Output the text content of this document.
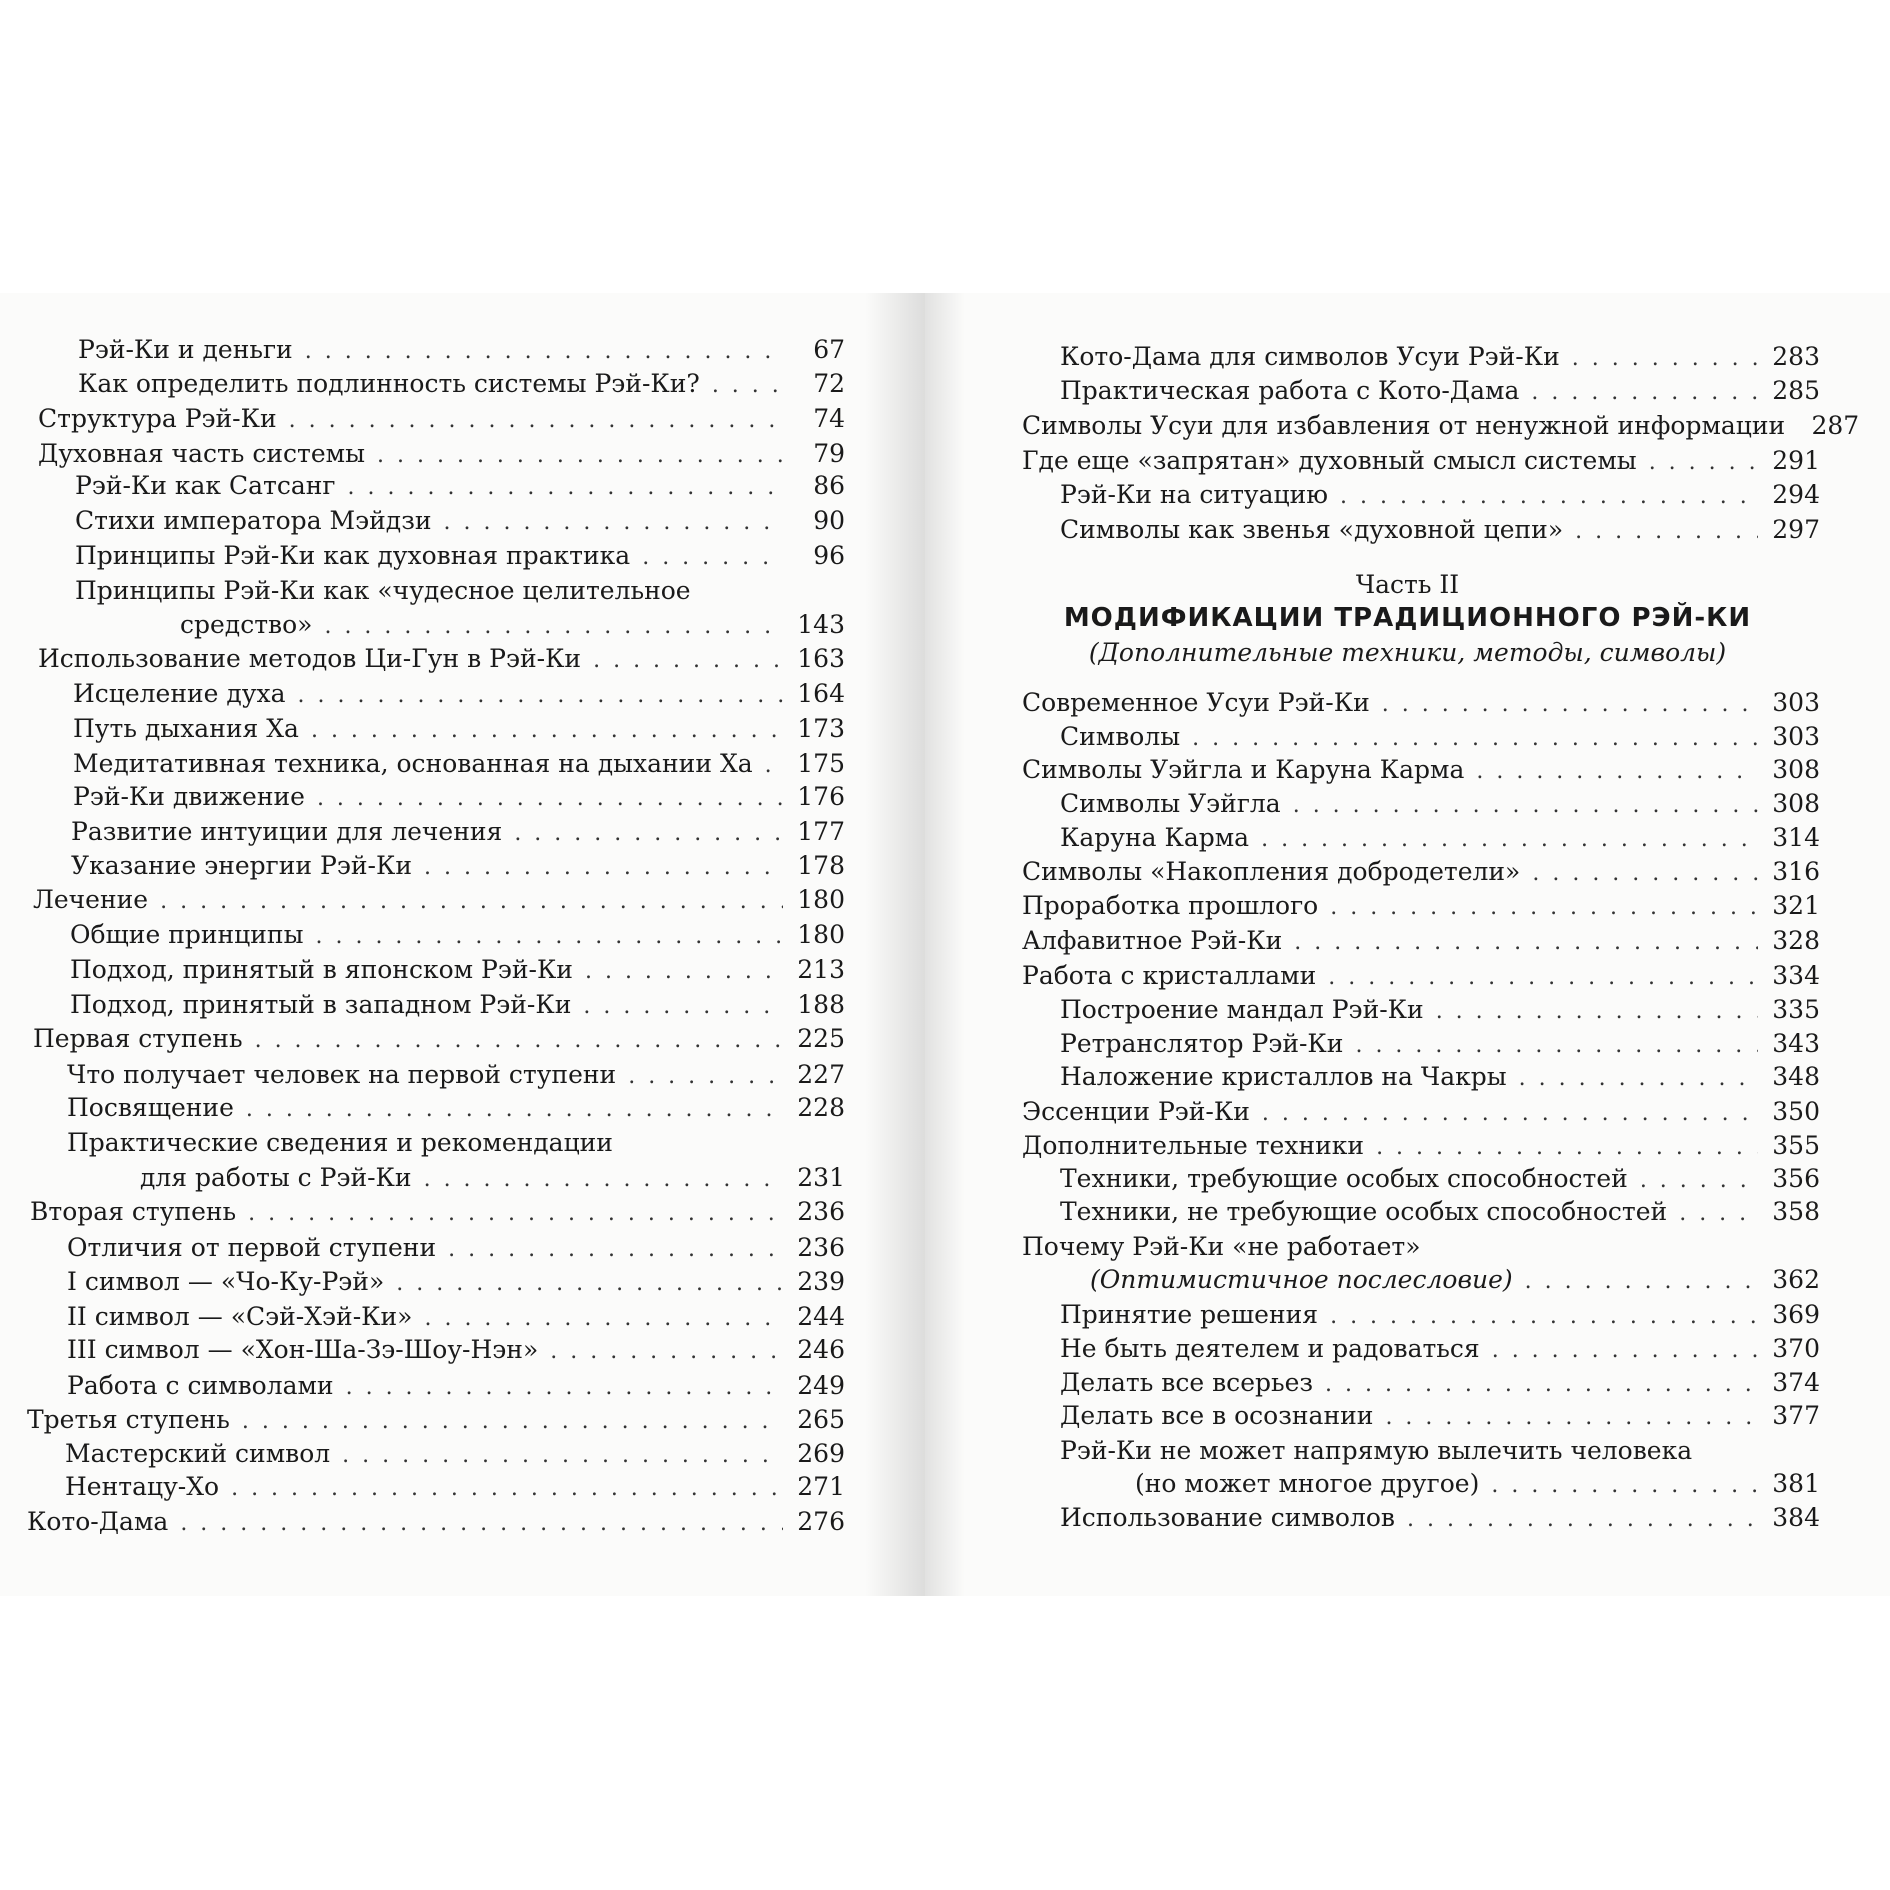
Рэй-Ки и деньги . . .	67
Как определить подлинность системы Рэй-Ки? . . .	72
Структура Рэй-Ки . . .	74
Духовная часть системы . . .	79
Рэй-Ки как Сатсанг . . .	86
Стихи императора Мэйдзи . . .	90
Принципы Рэй-Ки как духовная практика . . .	96
Принципы Рэй-Ки как «чудесное целительное
средство» . . .	143
Использование методов Ци-Гун в Рэй-Ки . . .	163
Исцеление духа . . .	164
Путь дыхания Ха . . .	173
Медитативная техника, основанная на дыхании Ха . . . 175
Рэй-Ки движение . . .	176
Развитие интуиции для лечения . . .	177
Указание энергии Рэй-Ки . . .	178
Лечение . . .	180
Общие принципы . . .	180
Подход, принятый в японском Рэй-Ки . . .	213
Подход, принятый в западном Рэй-Ки . . .	188
Первая ступень . . .	225
Что получает человек на первой ступени . . .	227
Посвящение . . .	228
Практические сведения и рекомендации
для работы с Рэй-Ки . . .	231
Вторая ступень . . .	236
Отличия от первой ступени . . .	236
I символ — «Чо-Ку-Рэй» . . .	239
II символ — «Сэй-Хэй-Ки» . . .	244
III символ — «Хон-Ша-Зэ-Шоу-Нэн» . . .	246
Работа с символами . . .	249
Третья ступень . . .	265
Мастерский символ . . .	269
Нентацу-Хо . . .	271
Кото-Дама . . .	276
Часть II
МОДИФИКАЦИИ ТРАДИЦИОННОГО РЭЙ-КИ
(Дополнительные техники, методы, символы)
Кото-Дама для символов Усуи Рэй-Ки . . .	283
Практическая работа с Кото-Дама . . .	285
Символы Усуи для избавления от ненужной информации 287
Где еще «запрятан» духовный смысл системы . . .	291
Рэй-Ки на ситуацию . . .	294
Символы как звенья «духовной цепи» . . .	297
Современное Усуи Рэй-Ки . . .	303
Символы . . .	303
Символы Уэйгла и Каруна Карма . . .	308
Символы Уэйгла . . .	308
Каруна Карма . . .	314
Символы «Накопления добродетели» . . .	316
Проработка прошлого . . .	321
Алфавитное Рэй-Ки . . .	328
Работа с кристаллами . . .	334
Построение мандал Рэй-Ки . . .	335
Ретранслятор Рэй-Ки . . .	343
Наложение кристаллов на Чакры . . .	348
Эссенции Рэй-Ки . . .	350
Дополнительные техники . . .	355
Техники, требующие особых способностей . . .	356
Техники, не требующие особых способностей . . .	358
Почему Рэй-Ки «не работает»
(Оптимистичное послесловие) . . .	362
Принятие решения . . .	369
Не быть деятелем и радоваться . . .	370
Делать все всерьез . . .	374
Делать все в осознании . . .	377
Рэй-Ки не может напрямую вылечить человека
(но может многое другое) . . .	381
Использование символов . . .	384
